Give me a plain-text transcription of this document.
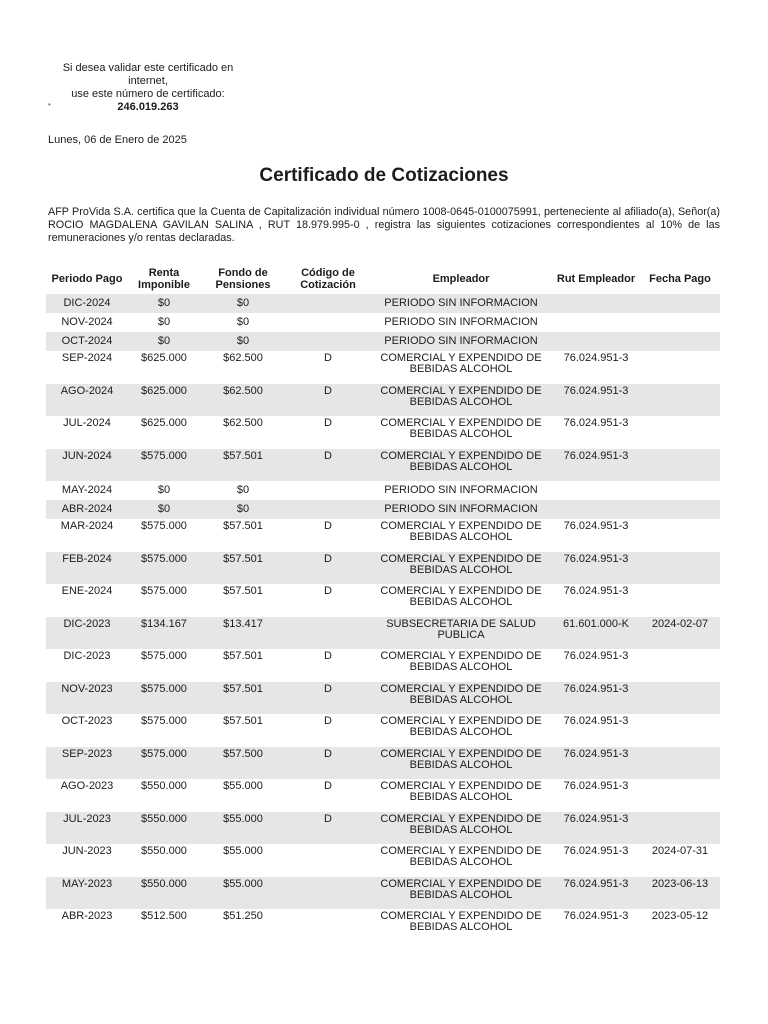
Si desea validar este certificado en
internet,
use este número de certificado:
246.019.263
•
Lunes, 06 de Enero de 2025
Certificado de Cotizaciones
AFP ProVida S.A. certifica que la Cuenta de Capitalización individual número 1008-0645-0100075991, perteneciente al afiliado(a), Señor(a) ROCIO MAGDALENA GAVILAN SALINA , RUT 18.979.995-0 , registra las siguientes cotizaciones correspondientes al 10% de las remuneraciones y/o rentas declaradas.
Periodo Pago	Renta Imponible	Fondo de Pensiones	Código de Cotización	Empleador	Rut Empleador	Fecha Pago
DIC-2024	$0	$0		PERIODO SIN INFORMACION		
NOV-2024	$0	$0		PERIODO SIN INFORMACION		
OCT-2024	$0	$0		PERIODO SIN INFORMACION		
SEP-2024	$625.000	$62.500	D	COMERCIAL Y EXPENDIDO DE BEBIDAS ALCOHOL	76.024.951-3	
AGO-2024	$625.000	$62.500	D	COMERCIAL Y EXPENDIDO DE BEBIDAS ALCOHOL	76.024.951-3	
JUL-2024	$625.000	$62.500	D	COMERCIAL Y EXPENDIDO DE BEBIDAS ALCOHOL	76.024.951-3	
JUN-2024	$575.000	$57.501	D	COMERCIAL Y EXPENDIDO DE BEBIDAS ALCOHOL	76.024.951-3	
MAY-2024	$0	$0		PERIODO SIN INFORMACION		
ABR-2024	$0	$0		PERIODO SIN INFORMACION		
MAR-2024	$575.000	$57.501	D	COMERCIAL Y EXPENDIDO DE BEBIDAS ALCOHOL	76.024.951-3	
FEB-2024	$575.000	$57.501	D	COMERCIAL Y EXPENDIDO DE BEBIDAS ALCOHOL	76.024.951-3	
ENE-2024	$575.000	$57.501	D	COMERCIAL Y EXPENDIDO DE BEBIDAS ALCOHOL	76.024.951-3	
DIC-2023	$134.167	$13.417		SUBSECRETARIA DE SALUD PUBLICA	61.601.000-K	2024-02-07
DIC-2023	$575.000	$57.501	D	COMERCIAL Y EXPENDIDO DE BEBIDAS ALCOHOL	76.024.951-3	
NOV-2023	$575.000	$57.501	D	COMERCIAL Y EXPENDIDO DE BEBIDAS ALCOHOL	76.024.951-3	
OCT-2023	$575.000	$57.501	D	COMERCIAL Y EXPENDIDO DE BEBIDAS ALCOHOL	76.024.951-3	
SEP-2023	$575.000	$57.500	D	COMERCIAL Y EXPENDIDO DE BEBIDAS ALCOHOL	76.024.951-3	
AGO-2023	$550.000	$55.000	D	COMERCIAL Y EXPENDIDO DE BEBIDAS ALCOHOL	76.024.951-3	
JUL-2023	$550.000	$55.000	D	COMERCIAL Y EXPENDIDO DE BEBIDAS ALCOHOL	76.024.951-3	
JUN-2023	$550.000	$55.000		COMERCIAL Y EXPENDIDO DE BEBIDAS ALCOHOL	76.024.951-3	2024-07-31
MAY-2023	$550.000	$55.000		COMERCIAL Y EXPENDIDO DE BEBIDAS ALCOHOL	76.024.951-3	2023-06-13
ABR-2023	$512.500	$51.250		COMERCIAL Y EXPENDIDO DE BEBIDAS ALCOHOL	76.024.951-3	2023-05-12
